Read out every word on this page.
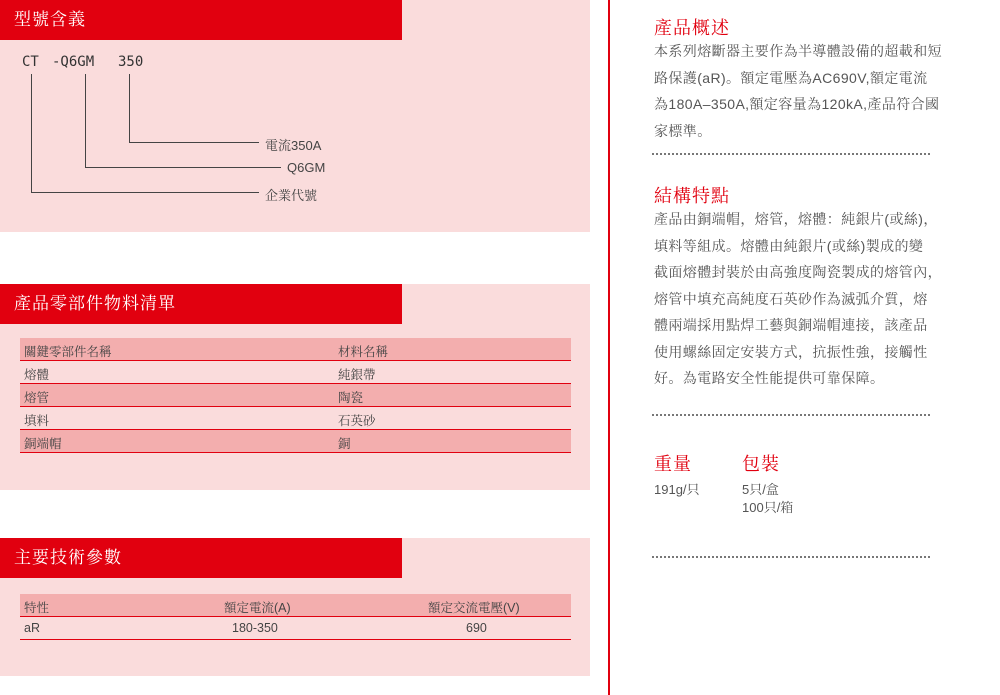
型號含義
CT -Q6GM 350
電流350A
Q6GM
企業代號
產品零部件物料清單
關鍵零部件名稱	材料名稱
熔體	純銀帶
熔管	陶瓷
填料	石英砂
銅端帽	銅
主要技術參數
特性	額定電流(A)	額定交流電壓(V)
aR	180-350	690
產品概述
本系列熔斷器主要作為半導體設備的超載和短
路保護(aR)。額定電壓為AC690V,額定電流
為180A–350A,額定容量為120kA,產品符合國
家標準。
結構特點
產品由銅端帽，熔管，熔體：純銀片(或絲)，
填料等組成。熔體由純銀片(或絲)製成的變
截面熔體封裝於由高強度陶瓷製成的熔管內，
熔管中填充高純度石英砂作為滅弧介質，熔
體兩端採用點焊工藝與銅端帽連接，該產品
使用螺絲固定安裝方式，抗振性強，接觸性
好。為電路安全性能提供可靠保障。
重量
191g/只
包裝
5只/盒
100只/箱
